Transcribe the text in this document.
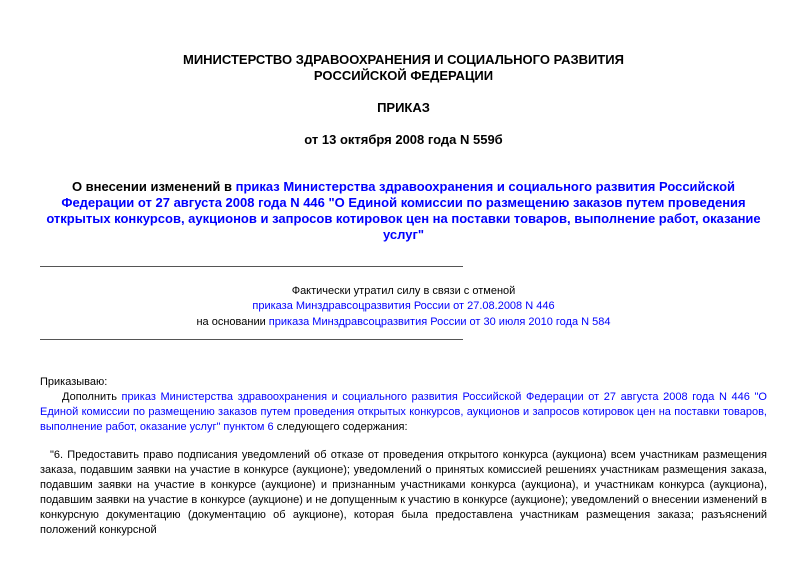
МИНИСТЕРСТВО ЗДРАВООХРАНЕНИЯ И СОЦИАЛЬНОГО РАЗВИТИЯ
РОССИЙСКОЙ ФЕДЕРАЦИИ
ПРИКАЗ
от 13 октября 2008 года N 559б

О внесении изменений в приказ Министерства здравоохранения и социального развития Российской Федерации от 27 августа 2008 года N 446 "О Единой комиссии по размещению заказов путем проведения открытых конкурсов, аукционов и запросов котировок цен на поставки товаров, выполнение работ, оказание услуг"

Фактически утратил силу в связи с отменой

приказа Минздравсоцразвития России от 27.08.2008 N 446

на основании приказа Минздравсоцразвития России от 30 июля 2010 года N 584

Приказываю:

Дополнить приказ Министерства здравоохранения и социального развития Российской Федерации от 27 августа 2008 года N 446 "О Единой комиссии по размещению заказов путем проведения открытых конкурсов, аукционов и запросов котировок цен на поставки товаров, выполнение работ, оказание услуг" пунктом 6 следующего содержания:

"6. Предоставить право подписания уведомлений об отказе от проведения открытого конкурса (аукциона) всем участникам размещения заказа, подавшим заявки на участие в конкурсе (аукционе); уведомлений о принятых комиссией решениях участникам размещения заказа, подавшим заявки на участие в конкурсе (аукционе) и признанным участниками конкурса (аукциона), и участникам конкурса (аукциона), подавшим заявки на участие в конкурсе (аукционе) и не допущенным к участию в конкурсе (аукционе); уведомлений о внесении изменений в конкурсную документацию (документацию об аукционе), которая была предоставлена участникам размещения заказа; разъяснений положений конкурсной
